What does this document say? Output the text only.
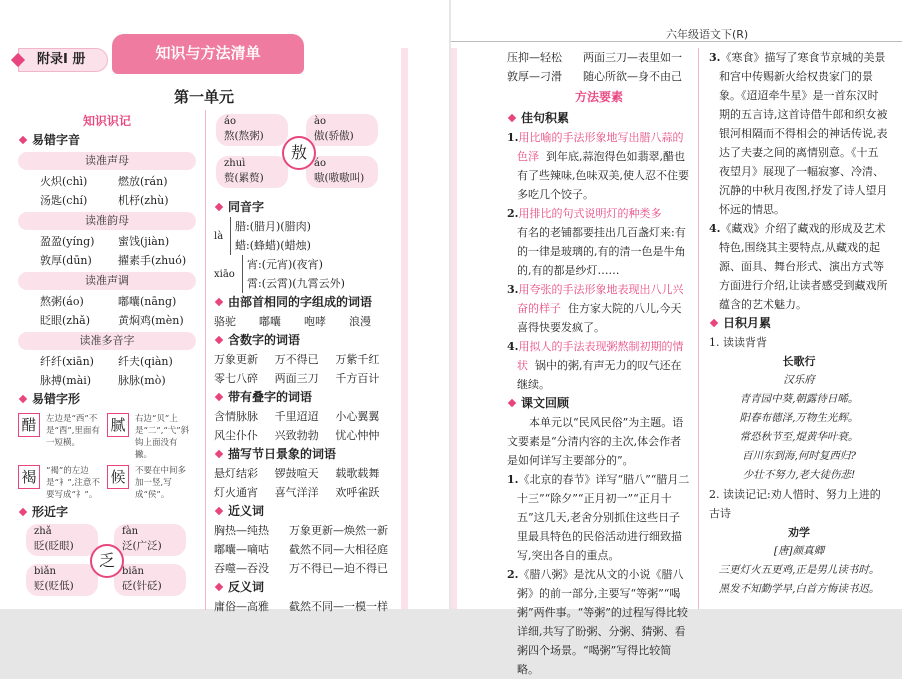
附录Ⅰ 册	知识与方法清单
第一单元
知识识记
易错字音
读准声母
火炽(chì)	燃放(rán)
汤匙(chí)	机杼(zhù)
读准韵母
盈盈(yíng)	蜜饯(jiàn)
敦厚(dūn)	擢素手(zhuó)
读准声调
熬粥(áo)	嘟囔(nāng)
眨眼(zhǎ)	黄焖鸡(mèn)
读准多音字
纤纤(xiān)	纤夫(qiàn)
脉搏(mài)	脉脉(mò)
易错字形
醋	左边是“西”不是“酉”,里面有一短横。
腻	右边“贝”上是“二”,“弋”斜钩上面没有撇。
褐	“褐”的左边是“衤”,注意不要写成“礻”。
候	不要在中间多加一竖,写成“侯”。
形近字
zhǎ
眨(眨眼)
fàn
泛(广泛)
biǎn
贬(贬低)
biān
砭(针砭)
乏
áo
熬(熬粥)
ào
傲(骄傲)
zhuì
赘(累赘)
áo
嗷(嗷嗷叫)
敖
同音字
là
腊:(腊月)(腊肉)
蜡:(蜂蜡)(蜡烛)
xiāo
宵:(元宵)(夜宵)
霄:(云霄)(九霄云外)
由部首相同的字组成的词语
骆驼	嘟囔	咆哮	浪漫
含数字的词语
万象更新	万不得已	万紫千红
零七八碎	两面三刀	千方百计
带有叠字的词语
含情脉脉	千里迢迢	小心翼翼
风尘仆仆	兴致勃勃	忧心忡忡
描写节日景象的词语
悬灯结彩	锣鼓喧天	载歌载舞
灯火通宵	喜气洋洋	欢呼雀跃
近义词
胸热—纯热	万象更新—焕然一新
嘟囔—嘀咕	截然不同—大相径庭
吞噬—吞没	万不得已—迫不得已
反义词
庸俗—高雅	截然不同—一模一样
六年级语文下(R)
压抑—轻松	两面三刀—表里如一
敦厚—刁滑	随心所欲—身不由己
方法要素
佳句积累
1.用比喻的手法形象地写出腊八蒜的色泽 到年底,蒜泡得色如翡翠,醋也有了些辣味,色味双美,使人忍不住要多吃几个饺子。
2.用排比的句式说明灯的种类多
有名的老铺都要挂出几百盏灯来:有的一律是玻璃的,有的清一色是牛角的,有的都是纱灯……
3.用夸张的手法形象地表现出八儿兴奋的样子 住方家大院的八儿,今天喜得快要发疯了。
4.用拟人的手法表现粥熬制初期的情状 锅中的粥,有声无力的叹气还在继续。
课文回顾
本单元以“民风民俗”为主题。语文要素是“分清内容的主次,体会作者是如何详写主要部分的”。
1.《北京的春节》详写“腊八”“腊月二十三”“除夕”“正月初一”“正月十五”这几天,老舍分别抓住这些日子里最具特色的民俗活动进行细致描写,突出各自的重点。
2.《腊八粥》是沈从文的小说《腊八粥》的前一部分,主要写“等粥”“喝粥”两件事。“等粥”的过程写得比较详细,共写了盼粥、分粥、猜粥、看粥四个场景。“喝粥”写得比较简略。
3.《寒食》描写了寒食节京城的美景和宫中传赐新火给权贵家门的景象。《迢迢牵牛星》是一首东汉时期的五言诗,这首诗借牛郎和织女被银河相隔而不得相会的神话传说,表达了夫妻之间的离情别意。《十五夜望月》展现了一幅寂寥、冷清、沉静的中秋月夜图,抒发了诗人望月怀远的情思。
4.《藏戏》介绍了藏戏的形成及艺术特色,围绕其主要特点,从藏戏的起源、面具、舞台形式、演出方式等方面进行介绍,让读者感受到藏戏所蕴含的艺术魅力。
日积月累
1. 读读背背
长歌行
汉乐府
青青园中葵,朝露待日晞。
阳春布德泽,万物生光辉。
常恐秋节至,焜黄华叶衰。
百川东到海,何时复西归?
少壮不努力,老大徒伤悲!
2. 读读记记:劝人惜时、努力上进的古诗
劝学
[唐]颜真卿
三更灯火五更鸡,正是男儿读书时。
黑发不知勤学早,白首方悔读书迟。
